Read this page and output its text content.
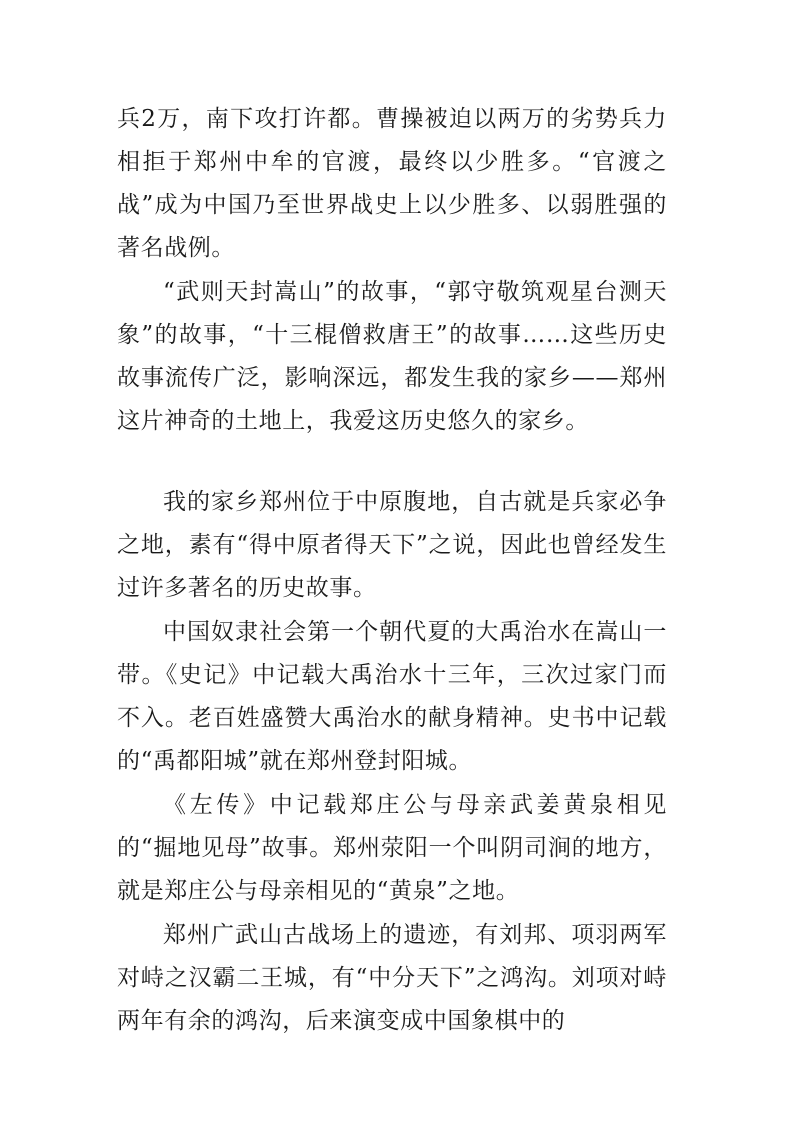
兵2万，南下攻打许都。曹操被迫以两万的劣势兵力相拒于郑州中牟的官渡，最终以少胜多。“官渡之战”成为中国乃至世界战史上以少胜多、以弱胜强的著名战例。

“武则天封嵩山”的故事，“郭守敬筑观星台测天象”的故事，“十三棍僧救唐王”的故事……这些历史故事流传广泛，影响深远，都发生我的家乡——郑州这片神奇的土地上，我爱这历史悠久的家乡。

我的家乡郑州位于中原腹地，自古就是兵家必争之地，素有“得中原者得天下”之说，因此也曾经发生过许多著名的历史故事。

中国奴隶社会第一个朝代夏的大禹治水在嵩山一带。《史记》中记载大禹治水十三年，三次过家门而不入。老百姓盛赞大禹治水的献身精神。史书中记载的“禹都阳城”就在郑州登封阳城。

《左传》中记载郑庄公与母亲武姜黄泉相见的“掘地见母”故事。郑州荥阳一个叫阴司涧的地方，就是郑庄公与母亲相见的“黄泉”之地。

郑州广武山古战场上的遗迹，有刘邦、项羽两军对峙之汉霸二王城，有“中分天下”之鸿沟。刘项对峙两年有余的鸿沟，后来演变成中国象棋中的
